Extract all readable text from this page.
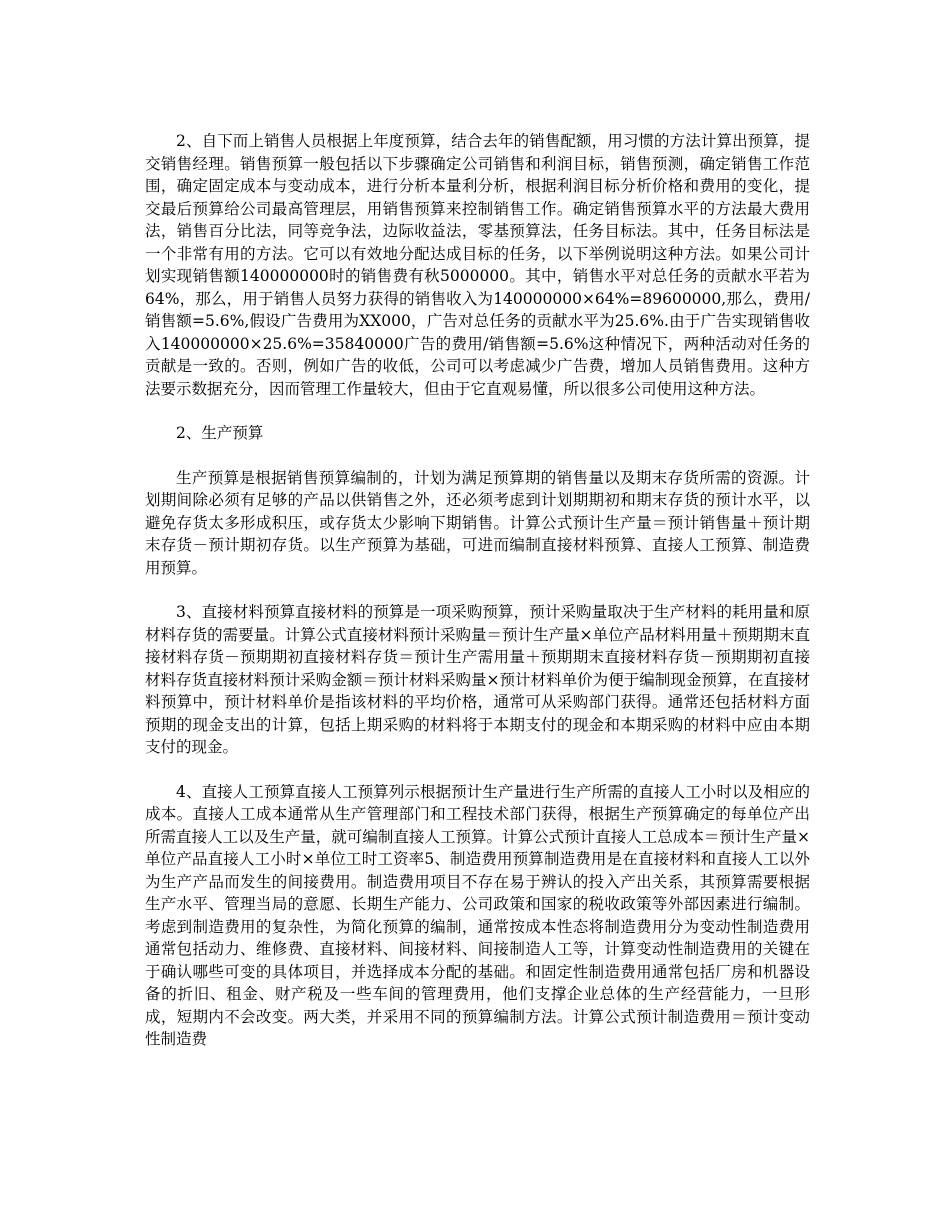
2、自下而上销售人员根据上年度预算，结合去年的销售配额，用习惯的方法计算出预算，提交销售经理。销售预算一般包括以下步骤确定公司销售和利润目标，销售预测，确定销售工作范围，确定固定成本与变动成本，进行分析本量利分析，根据利润目标分析价格和费用的变化，提交最后预算给公司最高管理层，用销售预算来控制销售工作。确定销售预算水平的方法最大费用法，销售百分比法，同等竞争法，边际收益法，零基预算法，任务目标法。其中，任务目标法是一个非常有用的方法。它可以有效地分配达成目标的任务，以下举例说明这种方法。如果公司计划实现销售额140000000时的销售费有秋5000000。其中，销售水平对总任务的贡献水平若为64%，那么，用于销售人员努力获得的销售收入为140000000×64%=89600000,那么，费用/销售额=5.6%,假设广告费用为XX000，广告对总任务的贡献水平为25.6%.由于广告实现销售收入140000000×25.6%=35840000广告的费用/销售额=5.6%这种情况下，两种活动对任务的贡献是一致的。否则，例如广告的收低，公司可以考虑减少广告费，增加人员销售费用。这种方法要示数据充分，因而管理工作量较大，但由于它直观易懂，所以很多公司使用这种方法。

2、生产预算

生产预算是根据销售预算编制的，计划为满足预算期的销售量以及期末存货所需的资源。计划期间除必须有足够的产品以供销售之外，还必须考虑到计划期期初和期末存货的预计水平，以避免存货太多形成积压，或存货太少影响下期销售。计算公式预计生产量＝预计销售量＋预计期末存货－预计期初存货。以生产预算为基础，可进而编制直接材料预算、直接人工预算、制造费用预算。

3、直接材料预算直接材料的预算是一项采购预算，预计采购量取决于生产材料的耗用量和原材料存货的需要量。计算公式直接材料预计采购量＝预计生产量×单位产品材料用量＋预期期末直接材料存货－预期期初直接材料存货＝预计生产需用量＋预期期末直接材料存货－预期期初直接材料存货直接材料预计采购金额＝预计材料采购量×预计材料单价为便于编制现金预算，在直接材料预算中，预计材料单价是指该材料的平均价格，通常可从采购部门获得。通常还包括材料方面预期的现金支出的计算，包括上期采购的材料将于本期支付的现金和本期采购的材料中应由本期支付的现金。

4、直接人工预算直接人工预算列示根据预计生产量进行生产所需的直接人工小时以及相应的成本。直接人工成本通常从生产管理部门和工程技术部门获得，根据生产预算确定的每单位产出所需直接人工以及生产量，就可编制直接人工预算。计算公式预计直接人工总成本＝预计生产量×单位产品直接人工小时×单位工时工资率5、制造费用预算制造费用是在直接材料和直接人工以外为生产产品而发生的间接费用。制造费用项目不存在易于辨认的投入产出关系，其预算需要根据生产水平、管理当局的意愿、长期生产能力、公司政策和国家的税收政策等外部因素进行编制。考虑到制造费用的复杂性，为简化预算的编制，通常按成本性态将制造费用分为变动性制造费用通常包括动力、维修费、直接材料、间接材料、间接制造人工等，计算变动性制造费用的关键在于确认哪些可变的具体项目，并选择成本分配的基础。和固定性制造费用通常包括厂房和机器设备的折旧、租金、财产税及一些车间的管理费用，他们支撑企业总体的生产经营能力，一旦形成，短期内不会改变。两大类，并采用不同的预算编制方法。计算公式预计制造费用＝预计变动性制造费
